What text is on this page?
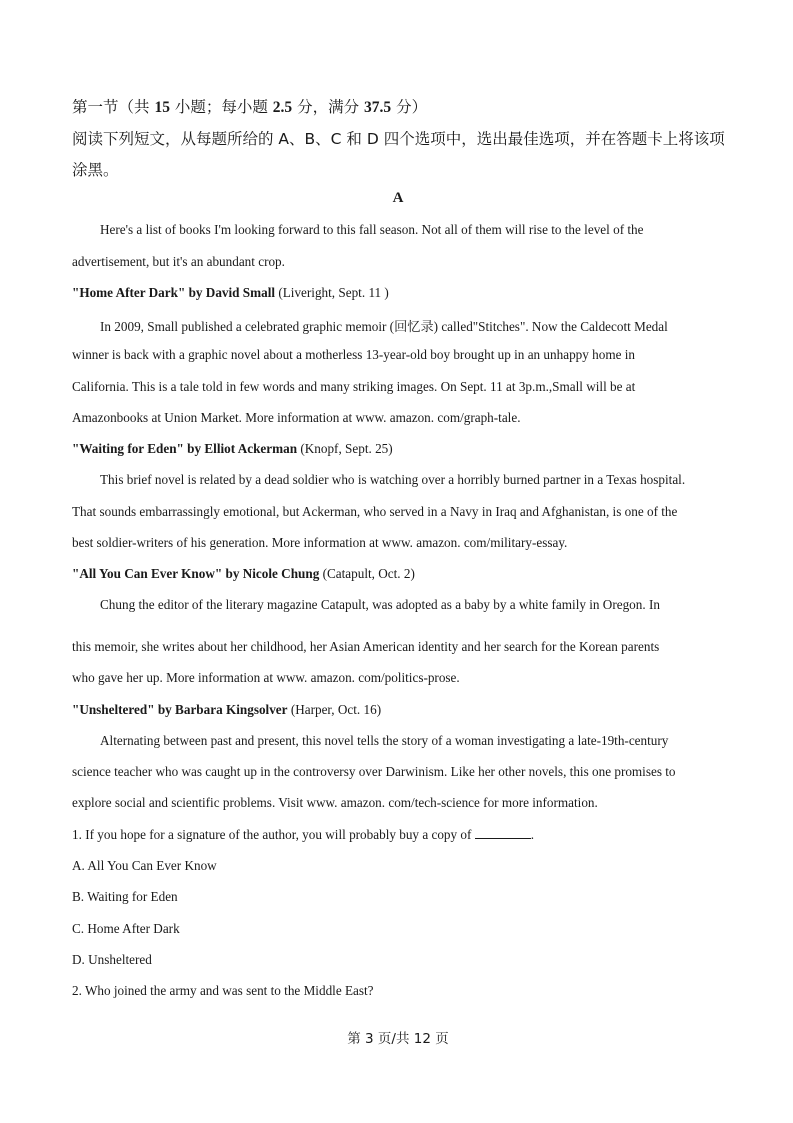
第一节（共 15 小题；每小题 2.5 分，满分 37.5 分）
阅读下列短文，从每题所给的 A、B、C 和 D 四个选项中，选出最佳选项，并在答题卡上将该项涂黑。
A
Here's a list of books I'm looking forward to this fall season. Not all of them will rise to the level of the
advertisement, but it's an abundant crop.
"Home After Dark" by David Small (Liveright, Sept. 11 )
In 2009, Small published a celebrated graphic memoir (回忆录) called"Stitches". Now the Caldecott Medal
winner is back with a graphic novel about a motherless 13-year-old boy brought up in an unhappy home in
California. This is a tale told in few words and many striking images. On Sept. 11 at 3p.m.,Small will be at
Amazonbooks at Union Market. More information at www. amazon. com/graph-tale.
"Waiting for Eden" by Elliot Ackerman (Knopf, Sept. 25)
This brief novel is related by a dead soldier who is watching over a horribly burned partner in a Texas hospital.
That sounds embarrassingly emotional, but Ackerman, who served in a Navy in Iraq and Afghanistan, is one of the
best soldier-writers of his generation. More information at www. amazon. com/military-essay.
"All You Can Ever Know" by Nicole Chung (Catapult, Oct. 2)
Chung the editor of the literary magazine Catapult, was adopted as a baby by a white family in Oregon. In
this memoir, she writes about her childhood, her Asian American identity and her search for the Korean parents
who gave her up. More information at www. amazon. com/politics-prose.
"Unsheltered" by Barbara Kingsolver (Harper, Oct. 16)
Alternating between past and present, this novel tells the story of a woman investigating a late-19th-century
science teacher who was caught up in the controversy over Darwinism. Like her other novels, this one promises to
explore social and scientific problems. Visit www. amazon. com/tech-science for more information.
1. If you hope for a signature of the author, you will probably buy a copy of	.
A. All You Can Ever Know
B. Waiting for Eden
C. Home After Dark
D. Unsheltered
2. Who joined the army and was sent to the Middle East?
第 3 页/共 12 页
